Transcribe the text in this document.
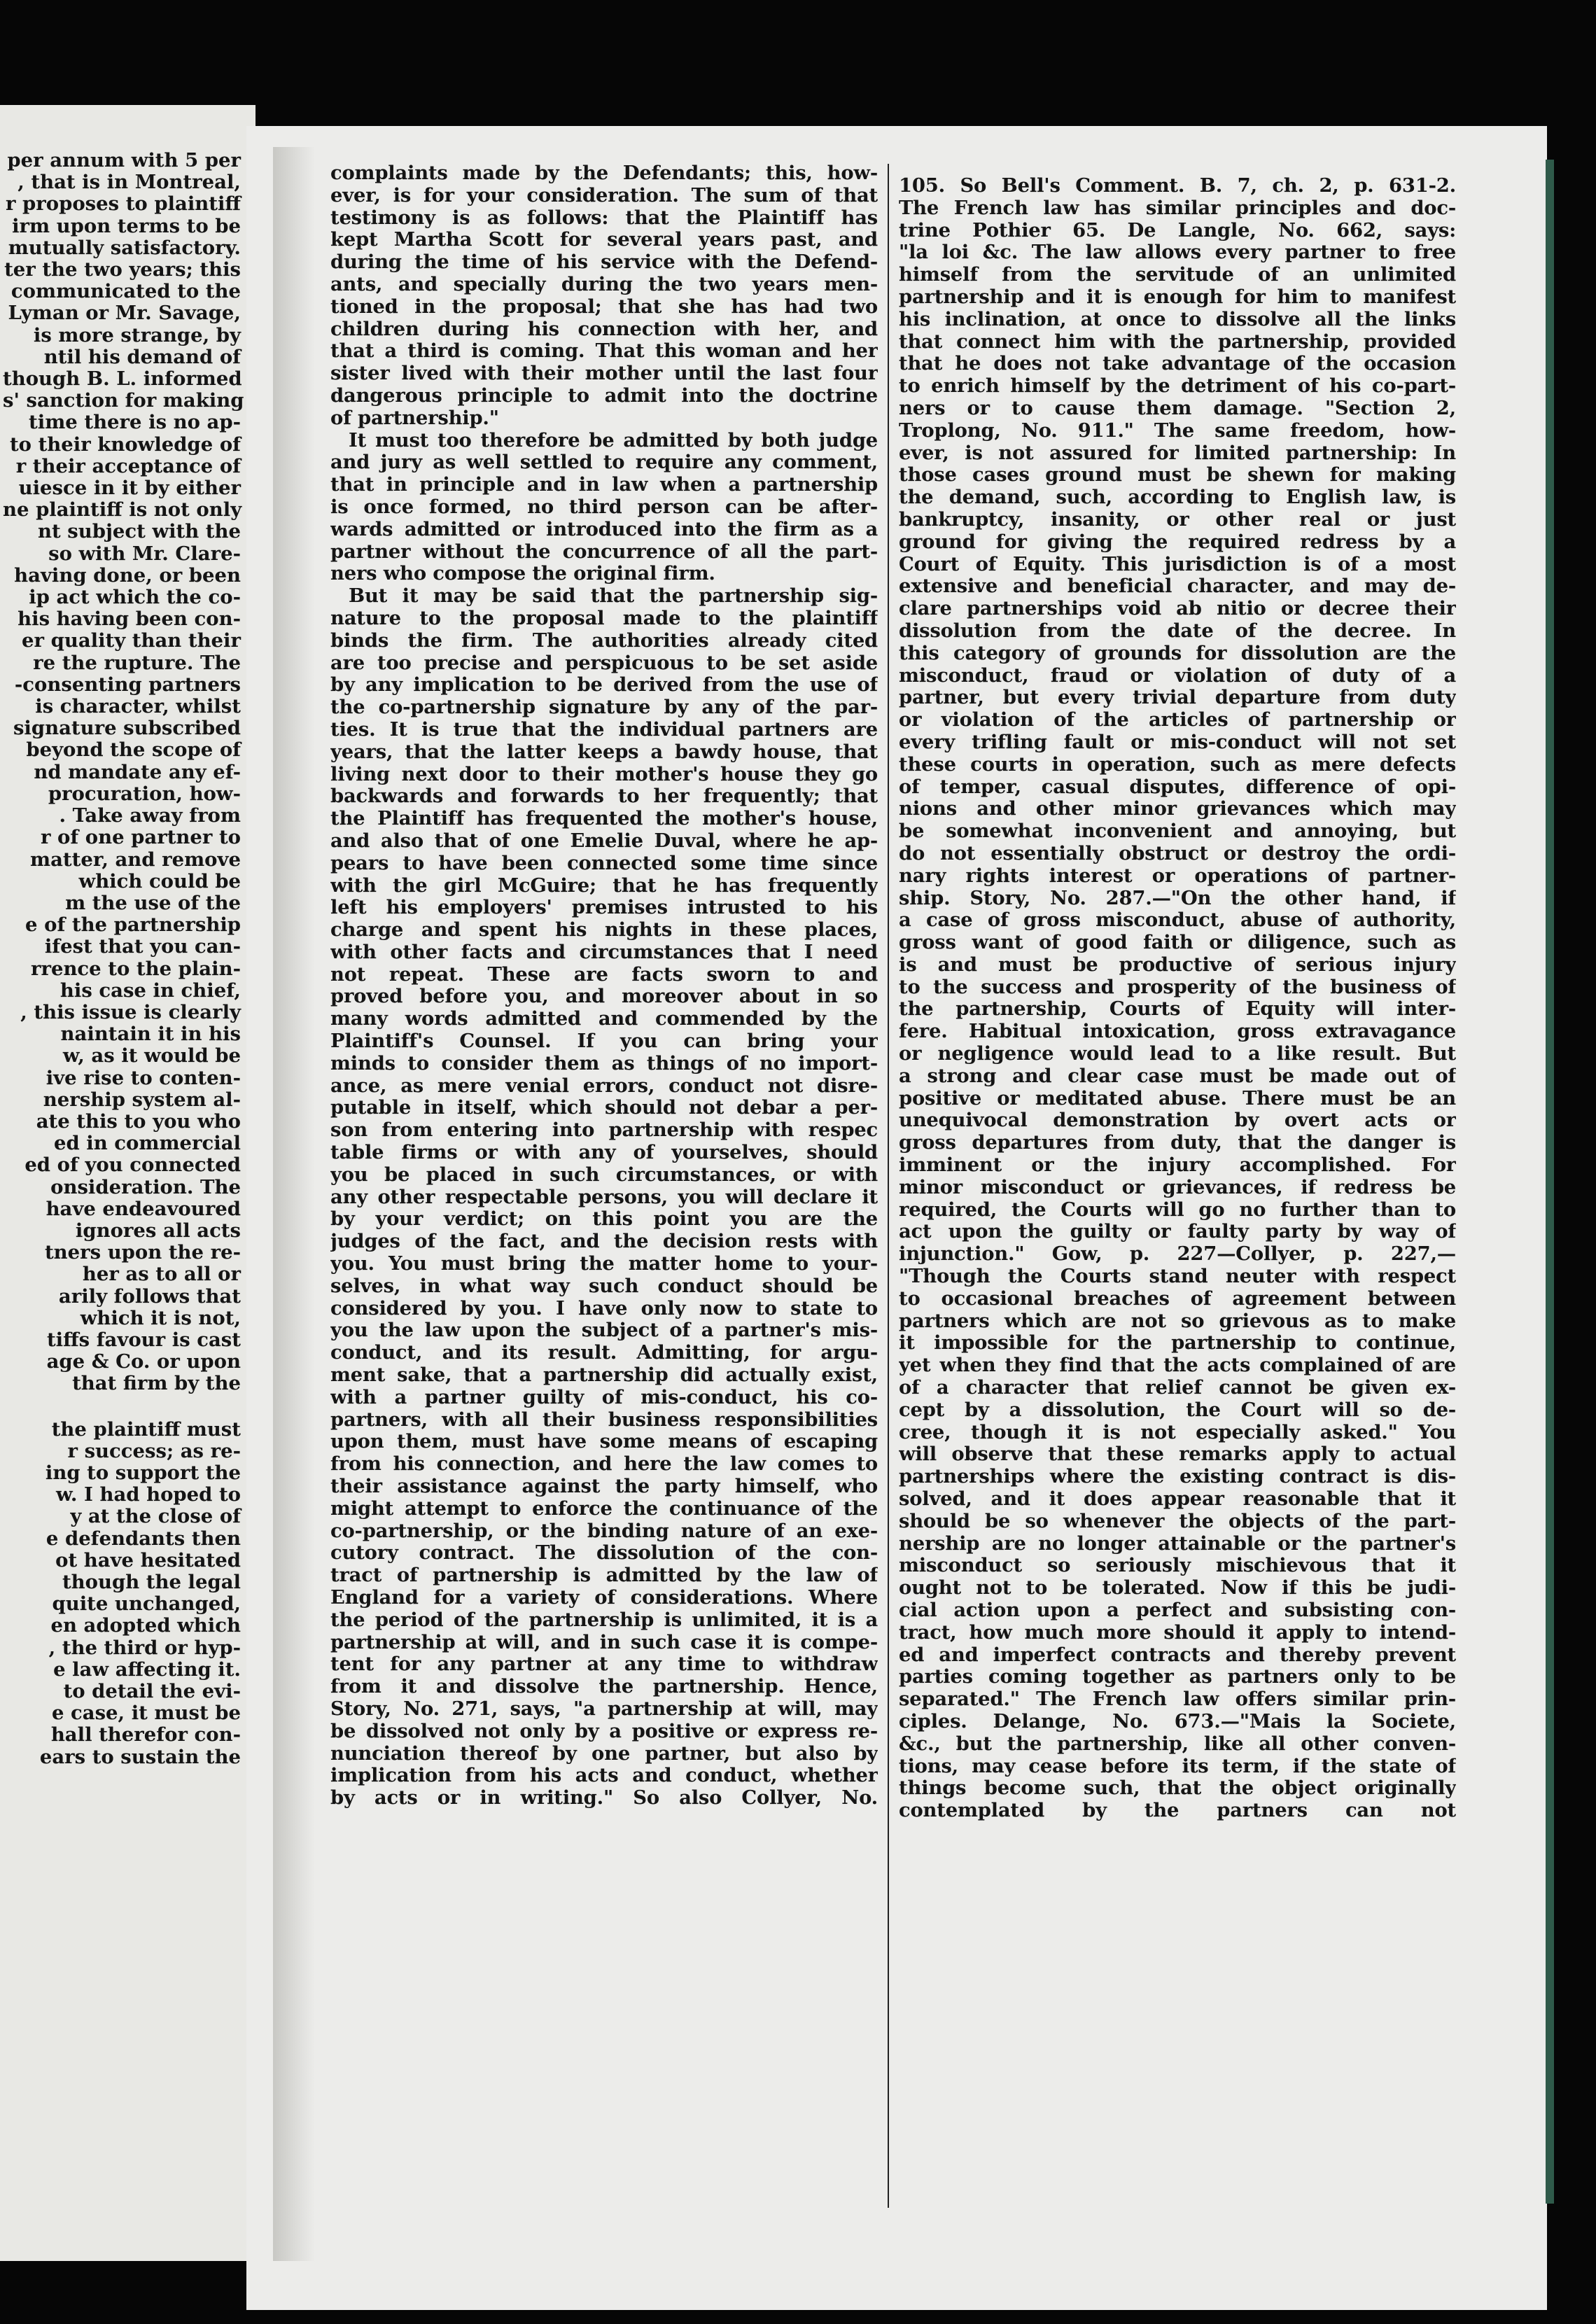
per annum with 5 per
, that is in Montreal,
r proposes to plaintiff
irm upon terms to be
mutually satisfactory.
ter the two years; this
communicated to the
Lyman or Mr. Savage,
is more strange, by
ntil his demand of
though B. L. informed
s' sanction for making
time there is no ap-
to their knowledge of
r their acceptance of
uiesce in it by either
ne plaintiff is not only
nt subject with the
so with Mr. Clare-
having done, or been
ip act which the co-
his having been con-
er quality than their
re the rupture. The
-consenting partners
is character, whilst
signature subscribed
beyond the scope of
nd mandate any ef-
procuration, how-
. Take away from
r of one partner to
matter, and remove
which could be
m the use of the
e of the partnership
ifest that you can-
rrence to the plain-
his case in chief,
, this issue is clearly
naintain it in his
w, as it would be
ive rise to conten-
nership system al-
ate this to you who
ed in commercial
ed of you connected
onsideration. The
have endeavoured
ignores all acts
tners upon the re-
her as to all or
arily follows that
which it is not,
tiffs favour is cast
age & Co. or upon
that firm by the
the plaintiff must
r success; as re-
ing to support the
w. I had hoped to
y at the close of
e defendants then
ot have hesitated
though the legal
quite unchanged,
en adopted which
, the third or hyp-
e law affecting it.
to detail the evi-
e case, it must be
hall therefor con-
ears to sustain the
complaints made by the Defendants; this, how-
ever, is for your consideration. The sum of that
testimony is as follows: that the Plaintiff has
kept Martha Scott for several years past, and
during the time of his service with the Defend-
ants, and specially during the two years men-
tioned in the proposal; that she has had two
children during his connection with her, and
that a third is coming. That this woman and her
sister lived with their mother until the last four
dangerous principle to admit into the doctrine
of partnership."
It must too therefore be admitted by both judge
and jury as well settled to require any comment,
that in principle and in law when a partnership
is once formed, no third person can be after-
wards admitted or introduced into the firm as a
partner without the concurrence of all the part-
ners who compose the original firm.
But it may be said that the partnership sig-
nature to the proposal made to the plaintiff
binds the firm. The authorities already cited
are too precise and perspicuous to be set aside
by any implication to be derived from the use of
the co-partnership signature by any of the par-
ties. It is true that the individual partners are
years, that the latter keeps a bawdy house, that
living next door to their mother's house they go
backwards and forwards to her frequently; that
the Plaintiff has frequented the mother's house,
and also that of one Emelie Duval, where he ap-
pears to have been connected some time since
with the girl McGuire; that he has frequently
left his employers' premises intrusted to his
charge and spent his nights in these places,
with other facts and circumstances that I need
not repeat. These are facts sworn to and
proved before you, and moreover about in so
many words admitted and commended by the
Plaintiff's Counsel. If you can bring your
minds to consider them as things of no import-
ance, as mere venial errors, conduct not disre-
putable in itself, which should not debar a per-
son from entering into partnership with respec
table firms or with any of yourselves, should
you be placed in such circumstances, or with
any other respectable persons, you will declare it
by your verdict; on this point you are the
judges of the fact, and the decision rests with
you. You must bring the matter home to your-
selves, in what way such conduct should be
considered by you. I have only now to state to
you the law upon the subject of a partner's mis-
conduct, and its result. Admitting, for argu-
ment sake, that a partnership did actually exist,
with a partner guilty of mis-conduct, his co-
partners, with all their business responsibilities
upon them, must have some means of escaping
from his connection, and here the law comes to
their assistance against the party himself, who
might attempt to enforce the continuance of the
co-partnership, or the binding nature of an exe-
cutory contract. The dissolution of the con-
tract of partnership is admitted by the law of
England for a variety of considerations. Where
the period of the partnership is unlimited, it is a
partnership at will, and in such case it is compe-
tent for any partner at any time to withdraw
from it and dissolve the partnership. Hence,
Story, No. 271, says, "a partnership at will, may
be dissolved not only by a positive or express re-
nunciation thereof by one partner, but also by
implication from his acts and conduct, whether
by acts or in writing." So also Collyer, No.
105. So Bell's Comment. B. 7, ch. 2, p. 631-2.
The French law has similar principles and doc-
trine Pothier 65. De Langle, No. 662, says:
"la loi &c. The law allows every partner to free
himself from the servitude of an unlimited
partnership and it is enough for him to manifest
his inclination, at once to dissolve all the links
that connect him with the partnership, provided
that he does not take advantage of the occasion
to enrich himself by the detriment of his co-part-
ners or to cause them damage. "Section 2,
Troplong, No. 911." The same freedom, how-
ever, is not assured for limited partnership: In
those cases ground must be shewn for making
the demand, such, according to English law, is
bankruptcy, insanity, or other real or just
ground for giving the required redress by a
Court of Equity. This jurisdiction is of a most
extensive and beneficial character, and may de-
clare partnerships void ab nitio or decree their
dissolution from the date of the decree. In
this category of grounds for dissolution are the
misconduct, fraud or violation of duty of a
partner, but every trivial departure from duty
or violation of the articles of partnership or
every trifling fault or mis-conduct will not set
these courts in operation, such as mere defects
of temper, casual disputes, difference of opi-
nions and other minor grievances which may
be somewhat inconvenient and annoying, but
do not essentially obstruct or destroy the ordi-
nary rights interest or operations of partner-
ship. Story, No. 287.—"On the other hand, if
a case of gross misconduct, abuse of authority,
gross want of good faith or diligence, such as
is and must be productive of serious injury
to the success and prosperity of the business of
the partnership, Courts of Equity will inter-
fere. Habitual intoxication, gross extravagance
or negligence would lead to a like result. But
a strong and clear case must be made out of
positive or meditated abuse. There must be an
unequivocal demonstration by overt acts or
gross departures from duty, that the danger is
imminent or the injury accomplished. For
minor misconduct or grievances, if redress be
required, the Courts will go no further than to
act upon the guilty or faulty party by way of
injunction." Gow, p. 227—Collyer, p. 227,—
"Though the Courts stand neuter with respect
to occasional breaches of agreement between
partners which are not so grievous as to make
it impossible for the partnership to continue,
yet when they find that the acts complained of are
of a character that relief cannot be given ex-
cept by a dissolution, the Court will so de-
cree, though it is not especially asked." You
will observe that these remarks apply to actual
partnerships where the existing contract is dis-
solved, and it does appear reasonable that it
should be so whenever the objects of the part-
nership are no longer attainable or the partner's
misconduct so seriously mischievous that it
ought not to be tolerated. Now if this be judi-
cial action upon a perfect and subsisting con-
tract, how much more should it apply to intend-
ed and imperfect contracts and thereby prevent
parties coming together as partners only to be
separated." The French law offers similar prin-
ciples. Delange, No. 673.—"Mais la Societe,
&c., but the partnership, like all other conven-
tions, may cease before its term, if the state of
things become such, that the object originally
contemplated by the partners can not
